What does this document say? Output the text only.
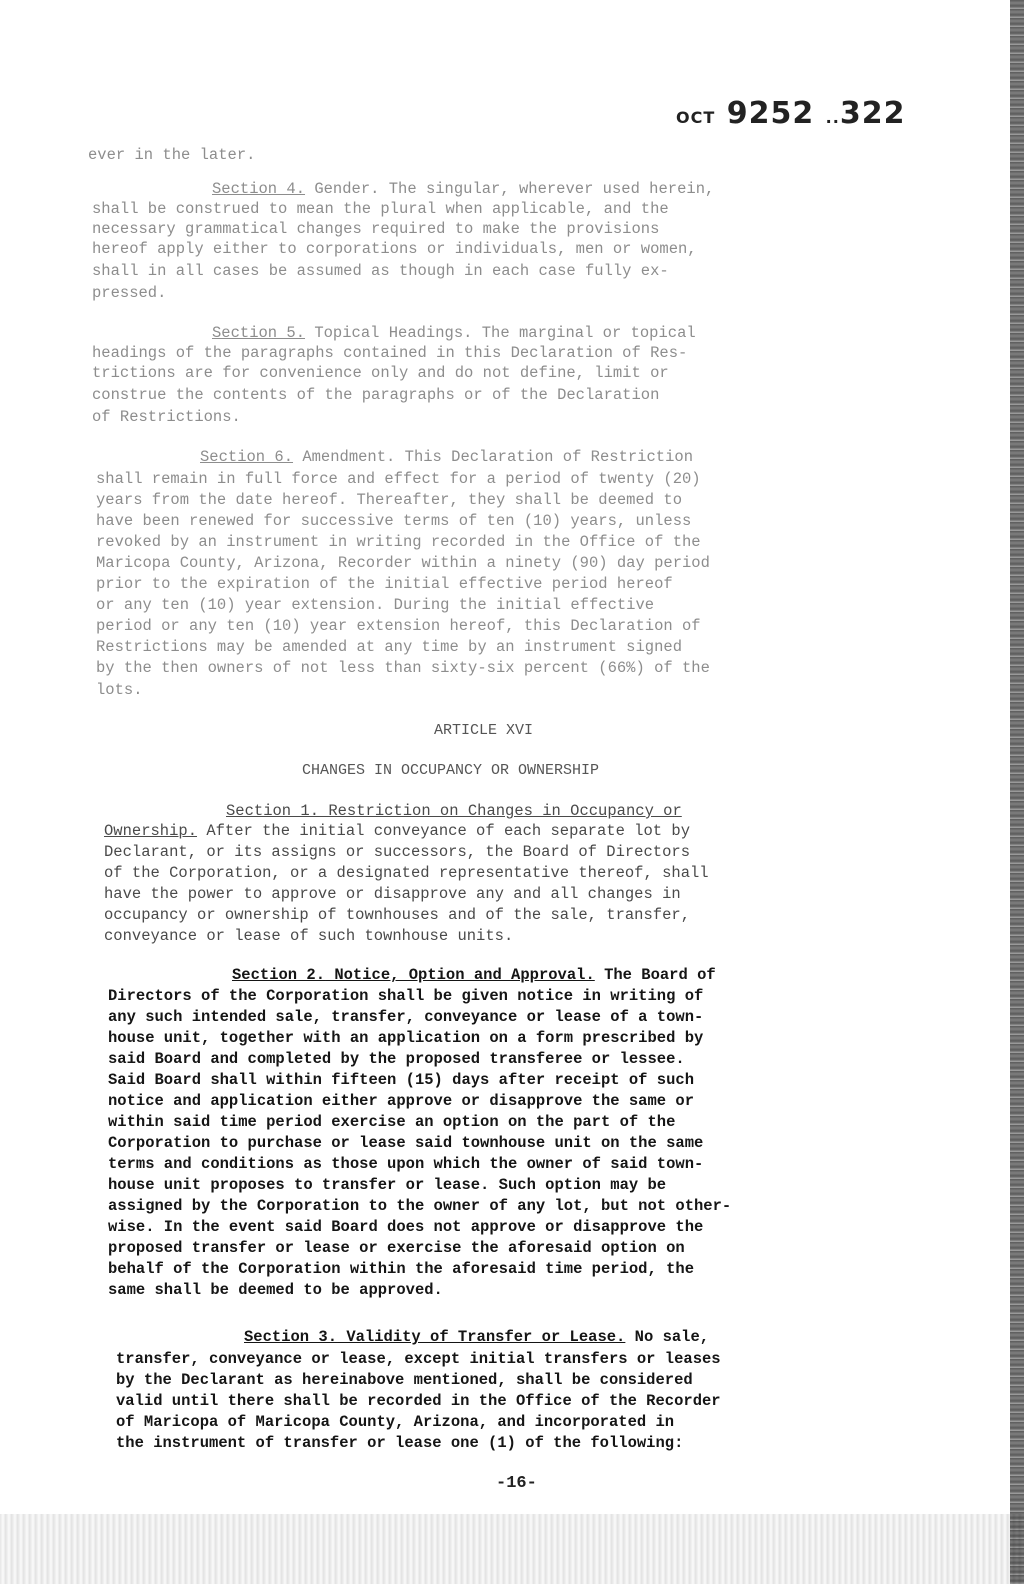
OCT 9252 ..322
ever in the later.
Section 4. Gender. The singular, wherever used herein,
shall be construed to mean the plural when applicable, and the
necessary grammatical changes required to make the provisions
hereof apply either to corporations or individuals, men or women,
shall in all cases be assumed as though in each case fully ex-
pressed.
Section 5. Topical Headings. The marginal or topical
headings of the paragraphs contained in this Declaration of Res-
trictions are for convenience only and do not define, limit or
construe the contents of the paragraphs or of the Declaration
of Restrictions.
Section 6. Amendment. This Declaration of Restriction
shall remain in full force and effect for a period of twenty (20)
years from the date hereof. Thereafter, they shall be deemed to
have been renewed for successive terms of ten (10) years, unless
revoked by an instrument in writing recorded in the Office of the
Maricopa County, Arizona, Recorder within a ninety (90) day period
prior to the expiration of the initial effective period hereof
or any ten (10) year extension. During the initial effective
period or any ten (10) year extension hereof, this Declaration of
Restrictions may be amended at any time by an instrument signed
by the then owners of not less than sixty-six percent (66%) of the
lots.
ARTICLE XVI
CHANGES IN OCCUPANCY OR OWNERSHIP
Section 1. Restriction on Changes in Occupancy or
Ownership. After the initial conveyance of each separate lot by
Declarant, or its assigns or successors, the Board of Directors
of the Corporation, or a designated representative thereof, shall
have the power to approve or disapprove any and all changes in
occupancy or ownership of townhouses and of the sale, transfer,
conveyance or lease of such townhouse units.
Section 2. Notice, Option and Approval. The Board of
Directors of the Corporation shall be given notice in writing of
any such intended sale, transfer, conveyance or lease of a town-
house unit, together with an application on a form prescribed by
said Board and completed by the proposed transferee or lessee.
Said Board shall within fifteen (15) days after receipt of such
notice and application either approve or disapprove the same or
within said time period exercise an option on the part of the
Corporation to purchase or lease said townhouse unit on the same
terms and conditions as those upon which the owner of said town-
house unit proposes to transfer or lease. Such option may be
assigned by the Corporation to the owner of any lot, but not other-
wise. In the event said Board does not approve or disapprove the
proposed transfer or lease or exercise the aforesaid option on
behalf of the Corporation within the aforesaid time period, the
same shall be deemed to be approved.
Section 3. Validity of Transfer or Lease. No sale,
transfer, conveyance or lease, except initial transfers or leases
by the Declarant as hereinabove mentioned, shall be considered
valid until there shall be recorded in the Office of the Recorder
of Maricopa of Maricopa County, Arizona, and incorporated in
the instrument of transfer or lease one (1) of the following:
-16-
